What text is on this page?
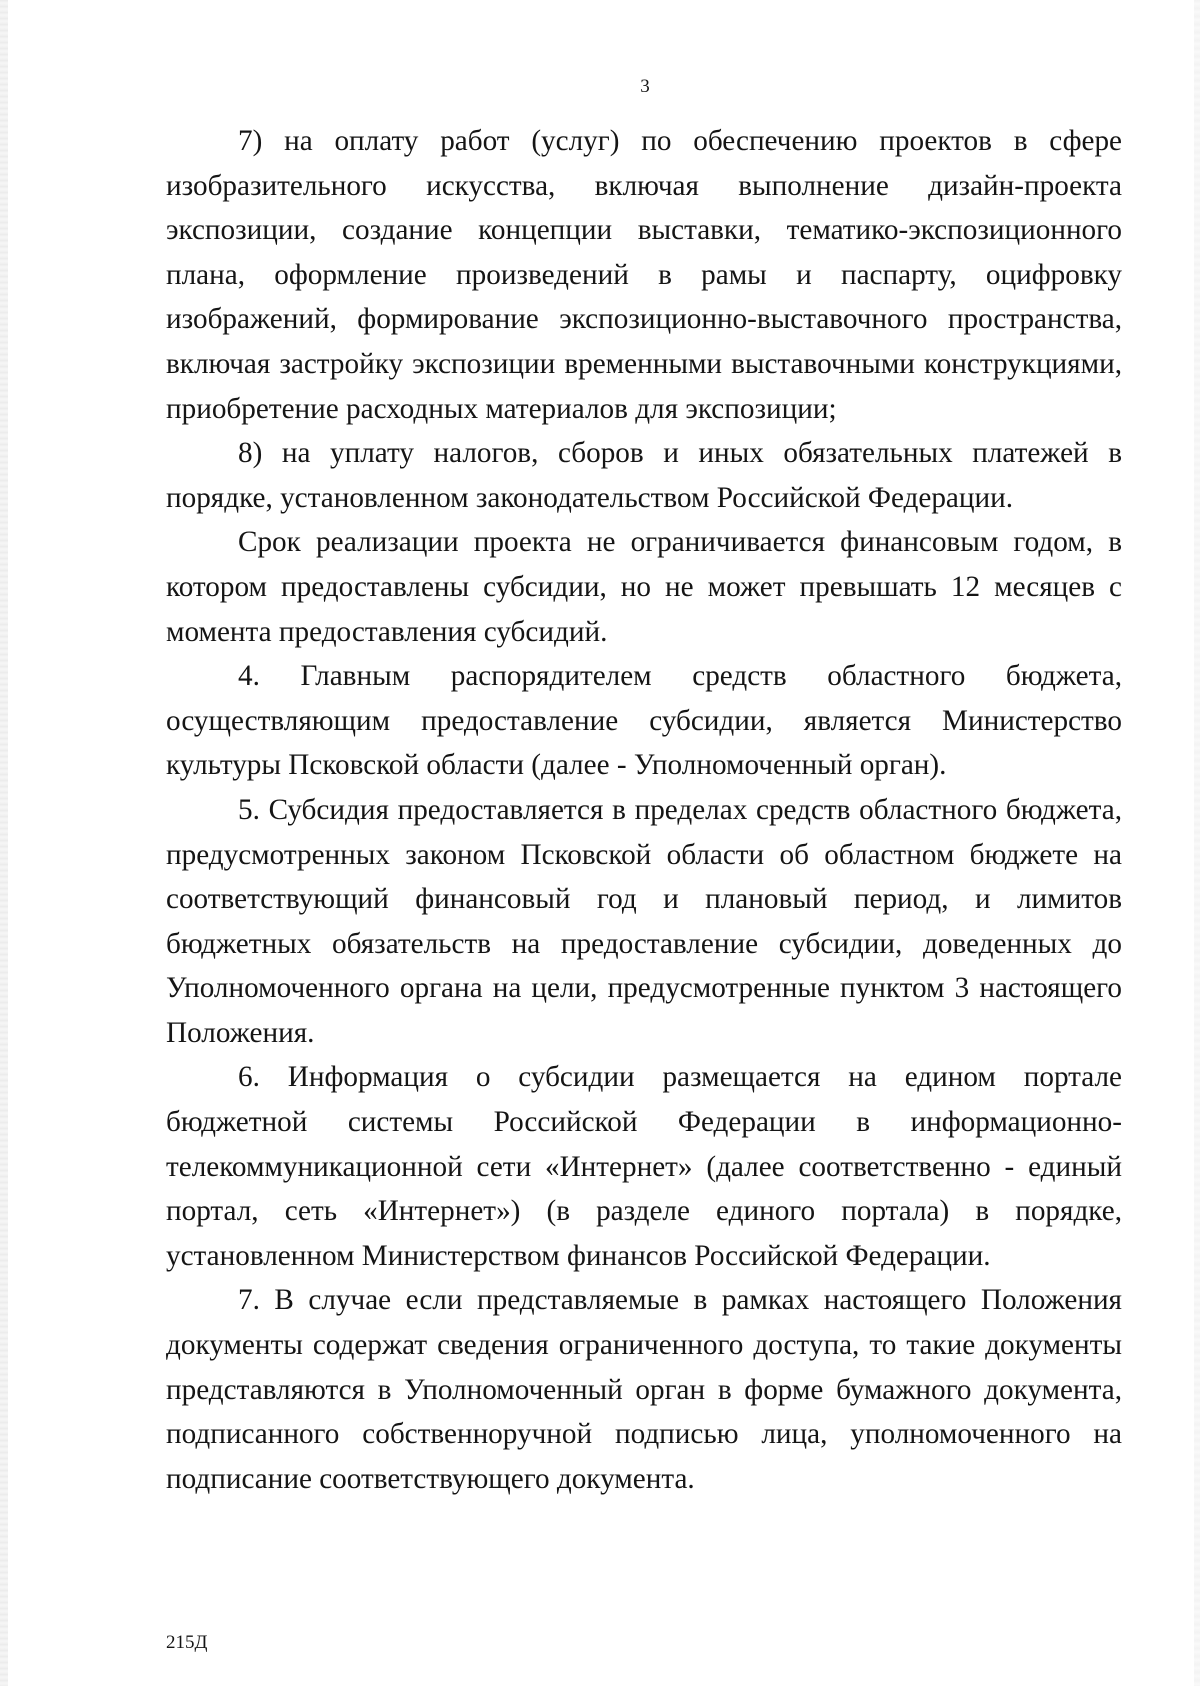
3

7) на оплату работ (услуг) по обеспечению проектов в сфере изобразительного искусства, включая выполнение дизайн-проекта экспозиции, создание концепции выставки, тематико-экспозиционного плана, оформление произведений в рамы и паспарту, оцифровку изображений, формирование экспозиционно-выставочного пространства, включая застройку экспозиции временными выставочными конструкциями, приобретение расходных материалов для экспозиции;

8) на уплату налогов, сборов и иных обязательных платежей в порядке, установленном законодательством Российской Федерации.

Срок реализации проекта не ограничивается финансовым годом, в котором предоставлены субсидии, но не может превышать 12 месяцев с момента предоставления субсидий.

4. Главным распорядителем средств областного бюджета, осуществляющим предоставление субсидии, является Министерство культуры Псковской области (далее - Уполномоченный орган).

5. Субсидия предоставляется в пределах средств областного бюджета, предусмотренных законом Псковской области об областном бюджете на соответствующий финансовый год и плановый период, и лимитов бюджетных обязательств на предоставление субсидии, доведенных до Уполномоченного органа на цели, предусмотренные пунктом 3 настоящего Положения.

6. Информация о субсидии размещается на едином портале бюджетной системы Российской Федерации в информационно-телекоммуникационной сети «Интернет» (далее соответственно - единый портал, сеть «Интернет») (в разделе единого портала) в порядке, установленном Министерством финансов Российской Федерации.

7. В случае если представляемые в рамках настоящего Положения документы содержат сведения ограниченного доступа, то такие документы представляются в Уполномоченный орган в форме бумажного документа, подписанного собственноручной подписью лица, уполномоченного на подписание соответствующего документа.

215Д
